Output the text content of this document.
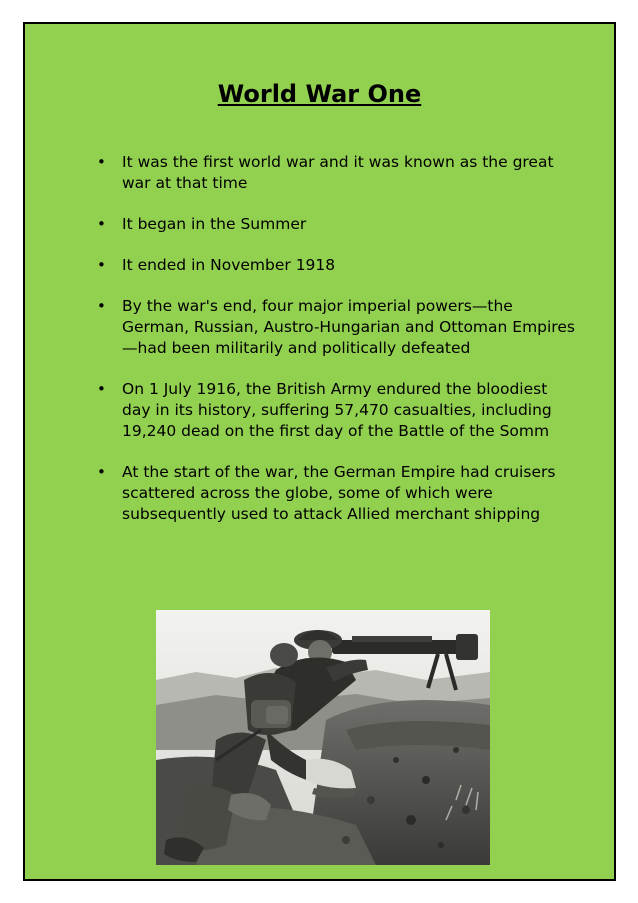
World War One
• It was the first world war and it was known as the great war at that time
• It began in the Summer
• It ended in November 1918
• By the war's end, four major imperial powers—the German, Russian, Austro-Hungarian and Ottoman Empires—had been militarily and politically defeated
• On 1 July 1916, the British Army endured the bloodiest day in its history, suffering 57,470 casualties, including 19,240 dead on the first day of the Battle of the Somm
• At the start of the war, the German Empire had cruisers scattered across the globe, some of which were subsequently used to attack Allied merchant shipping
